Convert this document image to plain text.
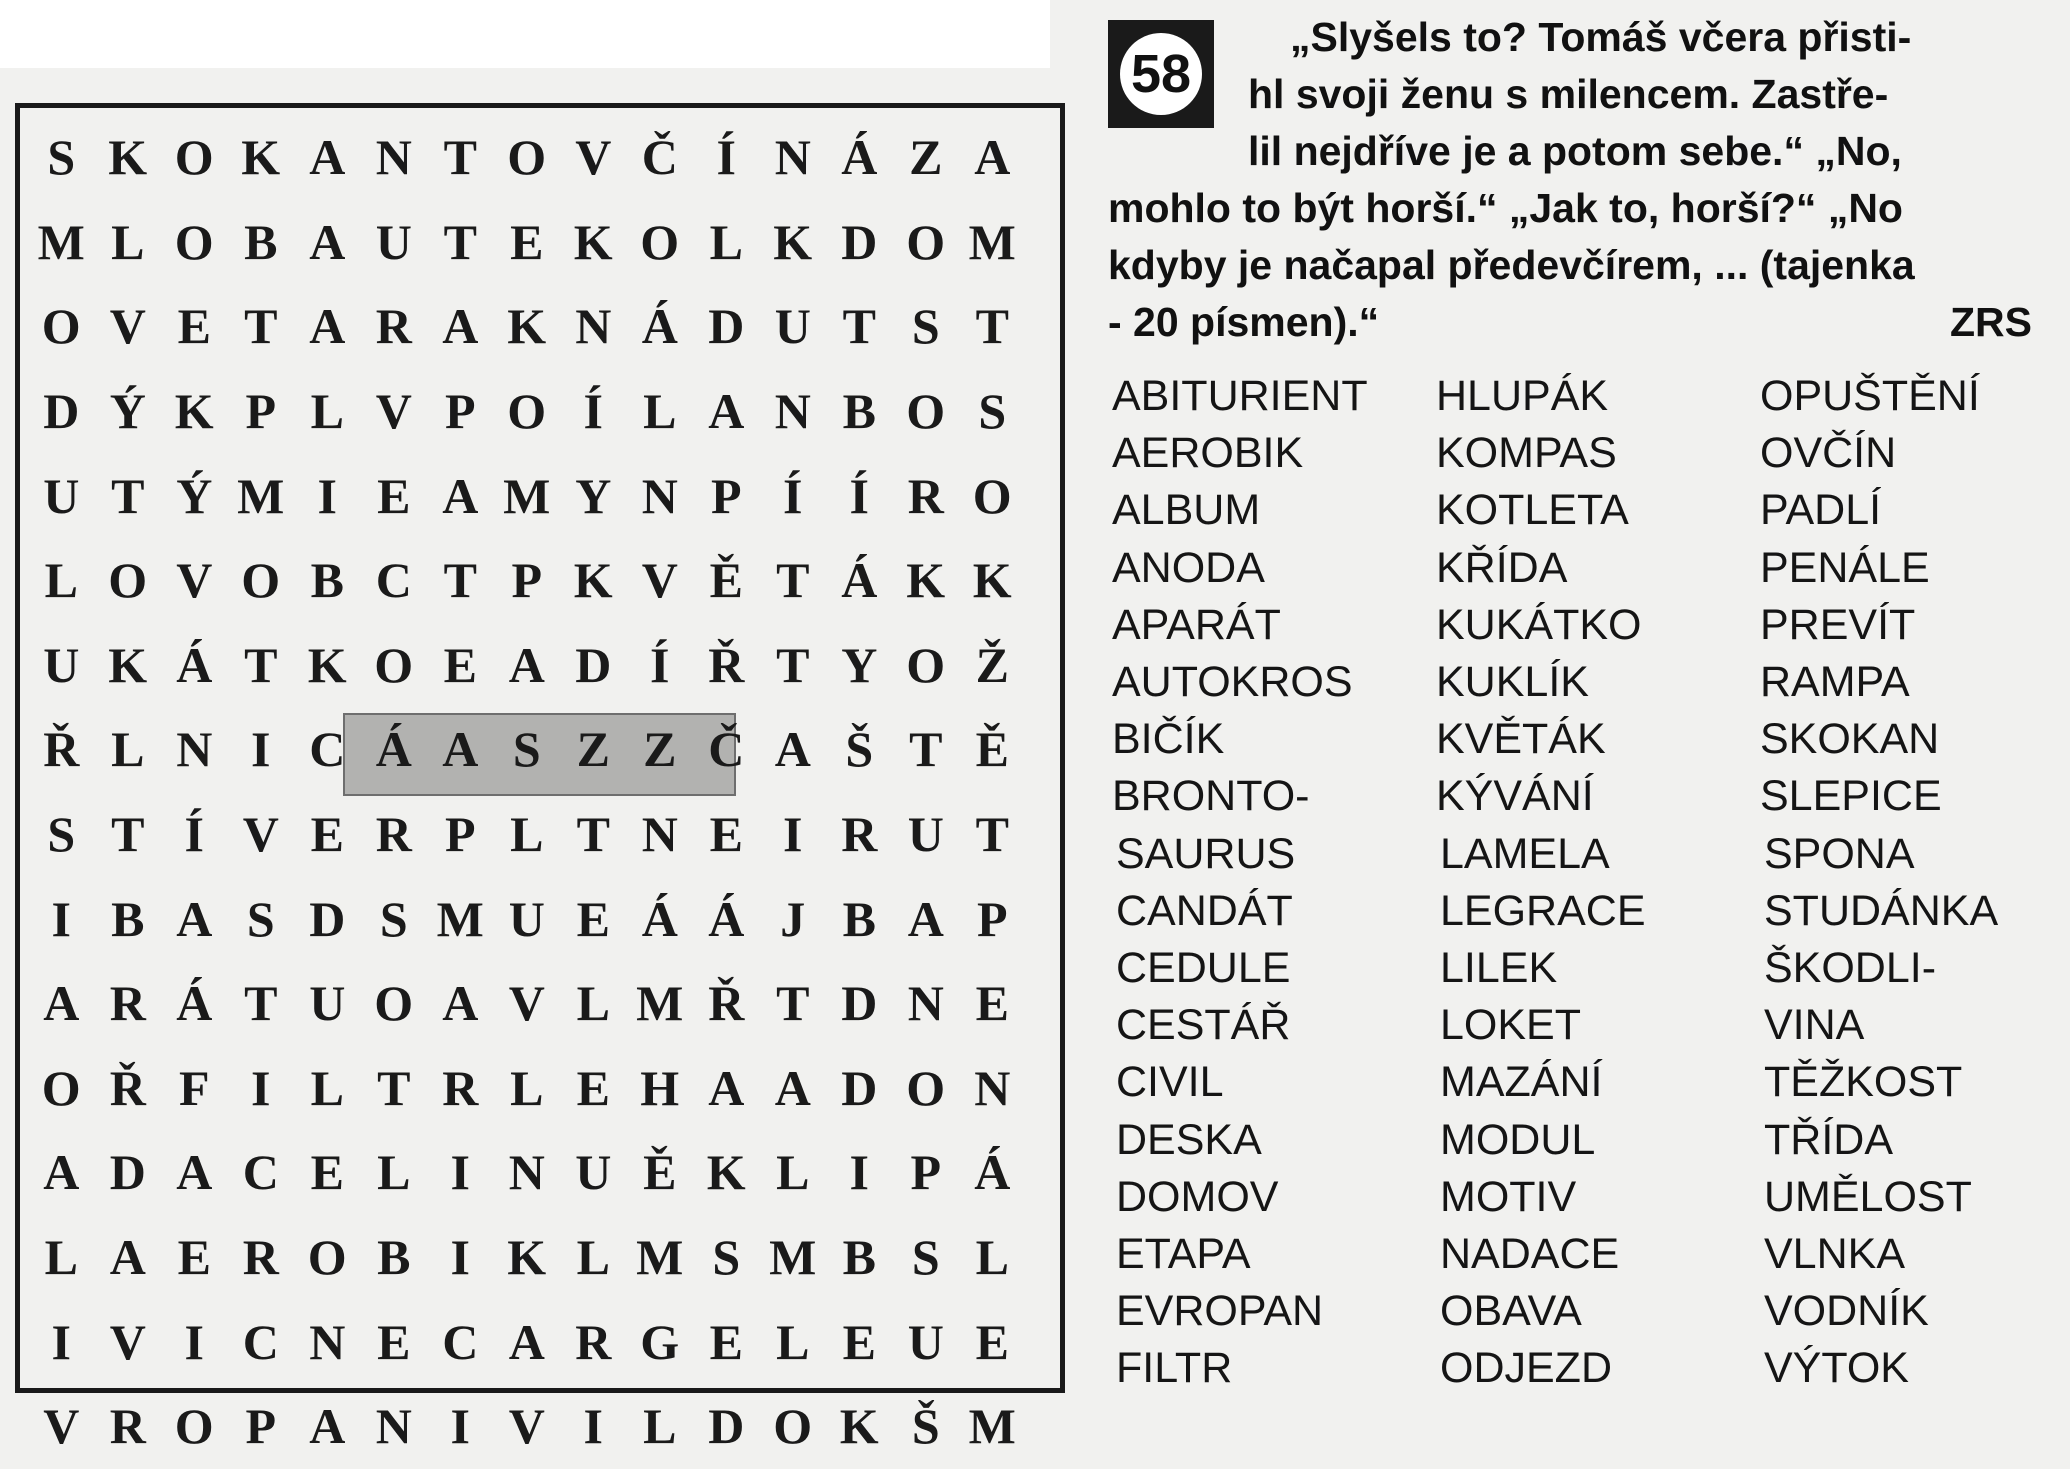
S K O K A N T O V Č Í N Á Z A
M L O B A U T E K O L K D O M
O V E T A R A K N Á D U T S T
D Ý K P L V P O Í L A N B O S
U T Ý M I E A M Y N P Í Í R O
L O V O B C T P K V Ě T Á K K
U K Á T K O E A D Í Ř T Y O Ž
Ř L N I C Á A S Z Z Č A Š T Ě
S T Í V E R P L T N E I R U T
I B A S D S M U E Á Á J B A P
A R Á T U O A V L M Ř T D N E
O Ř F I L T R L E H A A D O N
A D A C E L I N U Ě K L I P Á
L A E R O B I K L M S M B S L
I V I C N E C A R G E L E U E
V R O P A N I V I L D O K Š M
58
„Slyšels to? Tomáš včera přisti-
hl svoji ženu s milencem. Zastře-
lil nejdříve je a potom sebe.“ „No,
mohlo to být horší.“ „Jak to, horší?“ „No
kdyby je načapal předevčírem, ... (tajenka
- 20 písmen).“	ZRS
ABITURIENT
AEROBIK
ALBUM
ANODA
APARÁT
AUTOKROS
BIČÍK
BRONTO-
SAURUS
CANDÁT
CEDULE
CESTÁŘ
CIVIL
DESKA
DOMOV
ETAPA
EVROPAN
FILTR
HLUPÁK
KOMPAS
KOTLETA
KŘÍDA
KUKÁTKO
KUKLÍK
KVĚTÁK
KÝVÁNÍ
LAMELA
LEGRACE
LILEK
LOKET
MAZÁNÍ
MODUL
MOTIV
NADACE
OBAVA
ODJEZD
OPUŠTĚNÍ
OVČÍN
PADLÍ
PENÁLE
PREVÍT
RAMPA
SKOKAN
SLEPICE
SPONA
STUDÁNKA
ŠKODLI-
VINA
TĚŽKOST
TŘÍDA
UMĚLOST
VLNKA
VODNÍK
VÝTOK
